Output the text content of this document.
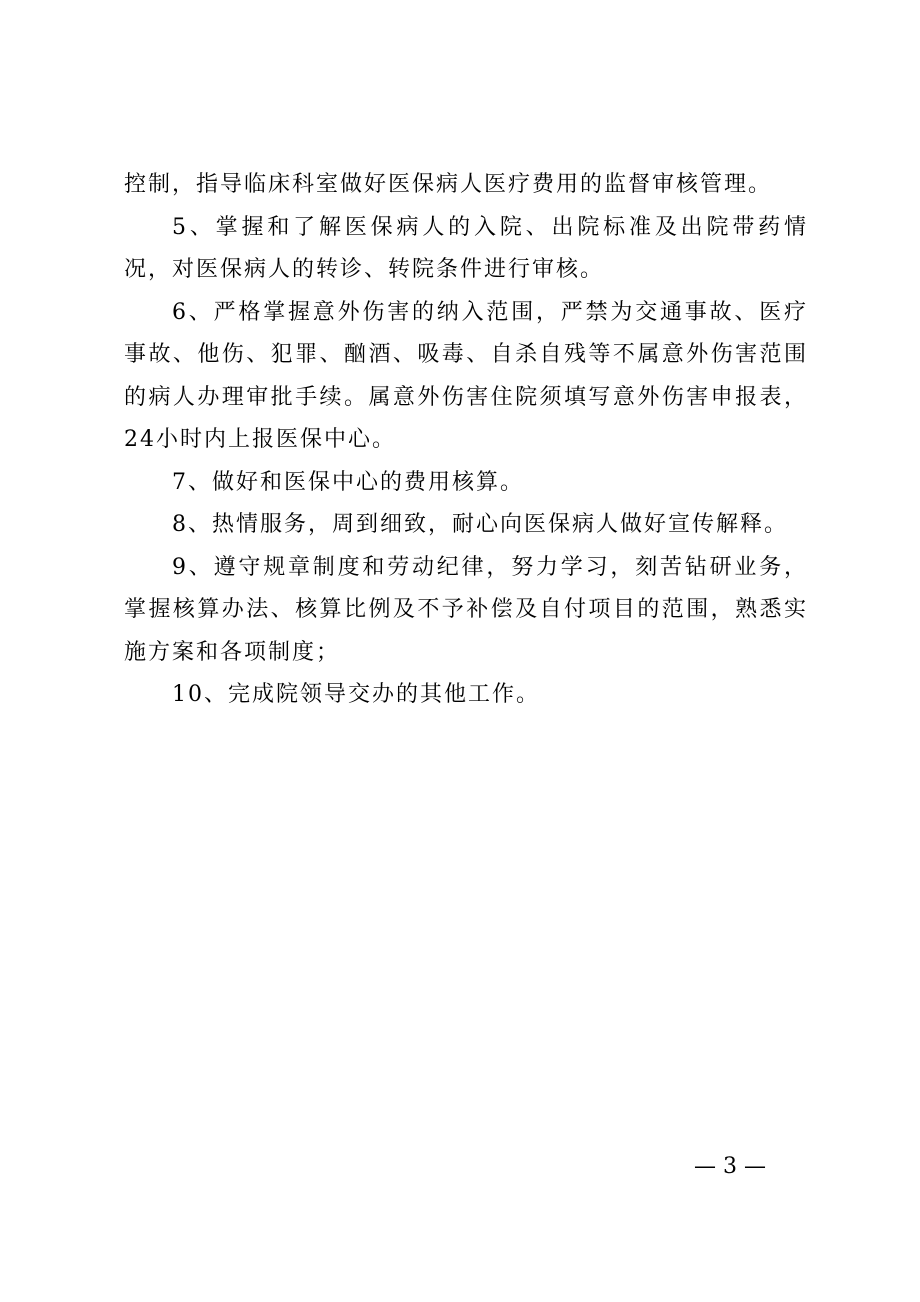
控制，指导临床科室做好医保病人医疗费用的监督审核管理。

5、掌握和了解医保病人的入院、出院标准及出院带药情况，对医保病人的转诊、转院条件进行审核。

6、严格掌握意外伤害的纳入范围，严禁为交通事故、医疗事故、他伤、犯罪、酗酒、吸毒、自杀自残等不属意外伤害范围的病人办理审批手续。属意外伤害住院须填写意外伤害申报表，24小时内上报医保中心。

7、做好和医保中心的费用核算。

8、热情服务，周到细致，耐心向医保病人做好宣传解释。

9、遵守规章制度和劳动纪律，努力学习，刻苦钻研业务，掌握核算办法、核算比例及不予补偿及自付项目的范围，熟悉实施方案和各项制度；

10、完成院领导交办的其他工作。

— 3 —
